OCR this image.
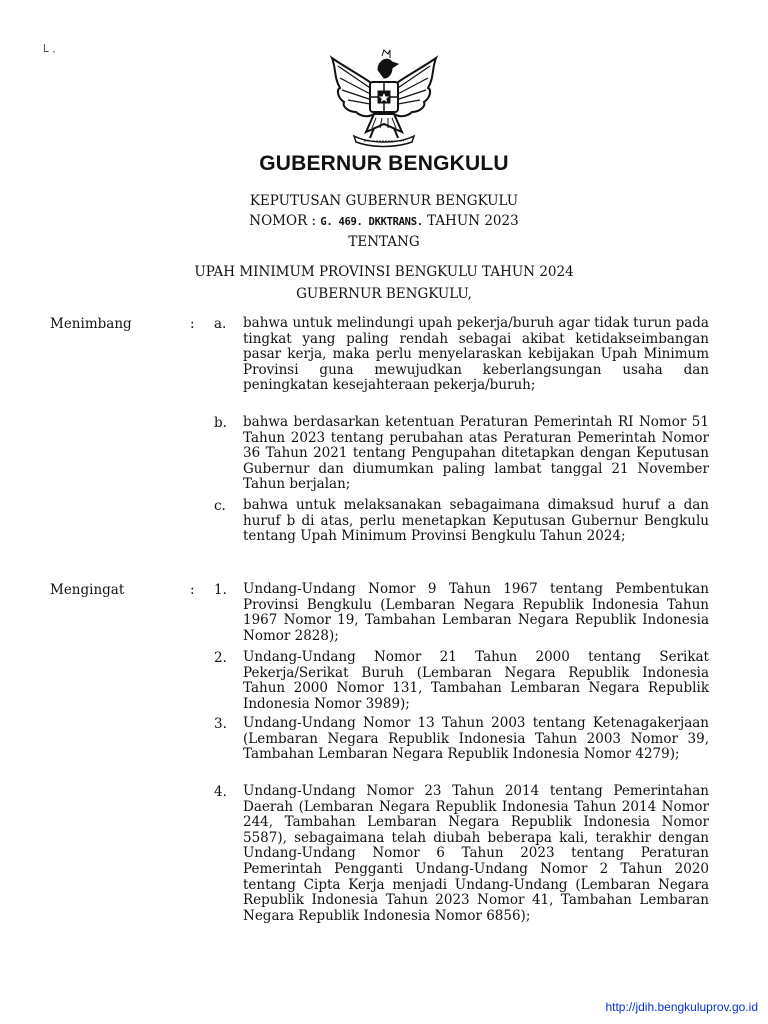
└ ·
GUBERNUR BENGKULU
KEPUTUSAN GUBERNUR BENGKULU
NOMOR : G. 469. DKKTRANS. TAHUN 2023
TENTANG
UPAH MINIMUM PROVINSI BENGKULU TAHUN 2024
GUBERNUR BENGKULU,
Menimbang	: a. bahwa untuk melindungi upah pekerja/buruh agar tidak turun pada tingkat yang paling rendah sebagai akibat ketidakseimbangan pasar kerja, maka perlu menyelaraskan kebijakan Upah Minimum Provinsi guna mewujudkan keberlangsungan usaha dan peningkatan kesejahteraan pekerja/buruh;
b. bahwa berdasarkan ketentuan Peraturan Pemerintah RI Nomor 51 Tahun 2023 tentang perubahan atas Peraturan Pemerintah Nomor 36 Tahun 2021 tentang Pengupahan ditetapkan dengan Keputusan Gubernur dan diumumkan paling lambat tanggal 21 November Tahun berjalan;
c. bahwa untuk melaksanakan sebagaimana dimaksud huruf a dan huruf b di atas, perlu menetapkan Keputusan Gubernur Bengkulu tentang Upah Minimum Provinsi Bengkulu Tahun 2024;
Mengingat	: 1. Undang-Undang Nomor 9 Tahun 1967 tentang Pembentukan Provinsi Bengkulu (Lembaran Negara Republik Indonesia Tahun 1967 Nomor 19, Tambahan Lembaran Negara Republik Indonesia Nomor 2828);
2. Undang-Undang Nomor 21 Tahun 2000 tentang Serikat Pekerja/Serikat Buruh (Lembaran Negara Republik Indonesia Tahun 2000 Nomor 131, Tambahan Lembaran Negara Republik Indonesia Nomor 3989);
3. Undang-Undang Nomor 13 Tahun 2003 tentang Ketenagakerjaan (Lembaran Negara Republik Indonesia Tahun 2003 Nomor 39, Tambahan Lembaran Negara Republik Indonesia Nomor 4279);
4. Undang-Undang Nomor 23 Tahun 2014 tentang Pemerintahan Daerah (Lembaran Negara Republik Indonesia Tahun 2014 Nomor 244, Tambahan Lembaran Negara Republik Indonesia Nomor 5587), sebagaimana telah diubah beberapa kali, terakhir dengan Undang-Undang Nomor 6 Tahun 2023 tentang Peraturan Pemerintah Pengganti Undang-Undang Nomor 2 Tahun 2020 tentang Cipta Kerja menjadi Undang-Undang (Lembaran Negara Republik Indonesia Tahun 2023 Nomor 41, Tambahan Lembaran Negara Republik Indonesia Nomor 6856);
http://jdih.bengkuluprov.go.id
